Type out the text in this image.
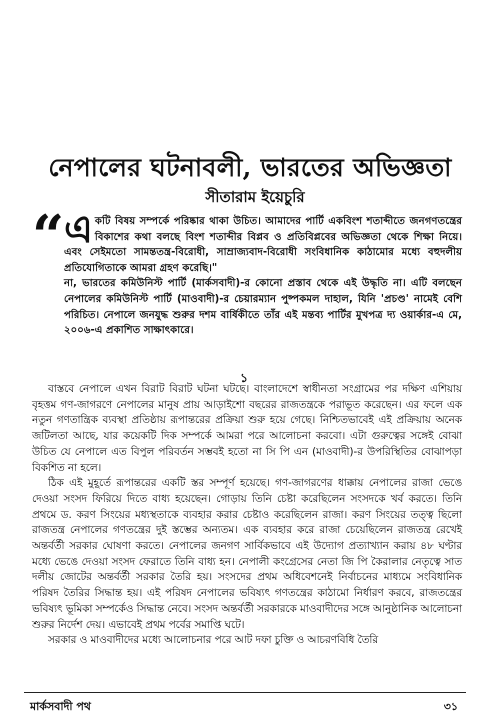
নেপালের ঘটনাবলী, ভারতের অভিজ্ঞতা
সীতারাম ইয়েচুরি
“ একটি বিষয় সম্পর্কে পরিষ্কার থাকা উচিত। আমাদের পার্টি একবিংশ শতাব্দীতে জনগণতন্ত্রের বিকাশের কথা বলছে বিংশ শতাব্দীর বিপ্লব ও প্রতিবিপ্লবের অভিজ্ঞতা থেকে শিক্ষা নিয়ে। এবং সেইমতো সামন্ততন্ত্র-বিরোধী, সাম্রাজ্যবাদ-বিরোধী সংবিধানিক কাঠামোর মধ্যে বহুদলীয় প্রতিযোগিতাকে আমরা গ্রহণ করেছি।"

না, ভারতের কমিউনিস্ট পার্টি (মার্কসবাদী)-র কোনো প্রস্তাব থেকে এই উদ্ধৃতি না। এটি বলছেন নেপালের কমিউনিস্ট পার্টি (মাওবাদী)-র চেয়ারম্যান পুষ্পকমল দাহাল, যিনি 'প্রচণ্ড' নামেই বেশি পরিচিত। নেপালে জনযুদ্ধ শুরুর দশম বার্ষিকীতে তাঁর এই মন্তব্য পার্টির মুখপত্র দ্য ওয়ার্কার-এ মে, ২০০৬-এ প্রকাশিত সাক্ষাৎকারে।

১

বাস্তবে নেপালে এখন বিরাট বিরাট ঘটনা ঘটছে। বাংলাদেশে স্বাধীনতা সংগ্রামের পর দক্ষিণ এশিয়ায় বৃহত্তম গণ-জাগরণে নেপালের মানুষ প্রায় আড়াইশো বছরের রাজতন্ত্রকে পরাভূত করেছেন। এর ফলে এক নতুন গণতান্ত্রিক ব্যবস্থা প্রতিষ্ঠায় রূপান্তরের প্রক্রিয়া শুরু হয়ে গেছে। নিশ্চিতভাবেই এই প্রক্রিয়ায় অনেক জটিলতা আছে, যার কয়েকটি দিক সম্পর্কে আমরা পরে আলোচনা করবো। এটা গুরুত্বের সঙ্গেই বোঝা উচিত যে নেপালে এত বিপুল পরিবর্তন সম্ভবই হতো না সি পি এন (মাওবাদী)-র উপরিস্থিতির বোঝাপড়া বিকশিত না হলে।

ঠিক এই মুহূর্তে রূপান্তরের একটি স্তর সম্পূর্ণ হয়েছে। গণ-জাগরণের ধাক্কায় নেপালের রাজা ভেঙে দেওয়া সংসদ ফিরিয়ে দিতে বাধ্য হয়েছেন। গোড়ায় তিনি চেষ্টা করেছিলেন সংসদকে খর্ব করতে। তিনি প্রথমে ড. করণ সিংয়ের মধ্যস্থতাকে ব্যবহার করার চেষ্টাও করেছিলেন রাজা। করণ সিংয়ের তত্ত্ব ছিলো রাজতন্ত্র নেপালের গণতন্ত্রের দুই স্তম্ভের অন্যতম। এক ব্যবহার করে রাজা চেয়েছিলেন রাজতন্ত্র রেখেই অন্তর্বর্তী সরকার ঘোষণা করতে। নেপালের জনগণ সার্বিকভাবে এই উদ্যোগ প্রত্যাখ্যান করায় ৪৮ ঘণ্টার মধ্যে ভেঙে দেওয়া সংসদ ফেরাতে তিনি বাধ্য হন। নেপালী কংগ্রেসের নেতা জি পি কৈরালার নেতৃত্বে সাত দলীয় জোটের অন্তর্বর্তী সরকার তৈরি হয়। সংসদের প্রথম অধিবেশনেই নির্বাচনের মাধ্যমে সংবিধানিক পরিষদ তৈরির সিদ্ধান্ত হয়। এই পরিষদ নেপালের ভবিষ্যৎ গণতন্ত্রের কাঠামো নির্ধারণ করবে, রাজতন্ত্রের ভবিষ্যৎ ভূমিকা সম্পর্কেও সিদ্ধান্ত নেবে। সংসদ অন্তর্বর্তী সরকারকে মাওবাদীদের সঙ্গে আনুষ্ঠানিক আলোচনা শুরুর নির্দেশ দেয়। এভাবেই প্রথম পর্বের সমাপ্তি ঘটে।

সরকার ও মাওবাদীদের মধ্যে আলোচনার পরে আট দফা চুক্তি ও আচরণবিধি তৈরি

মার্কসবাদী পথ	৩১
